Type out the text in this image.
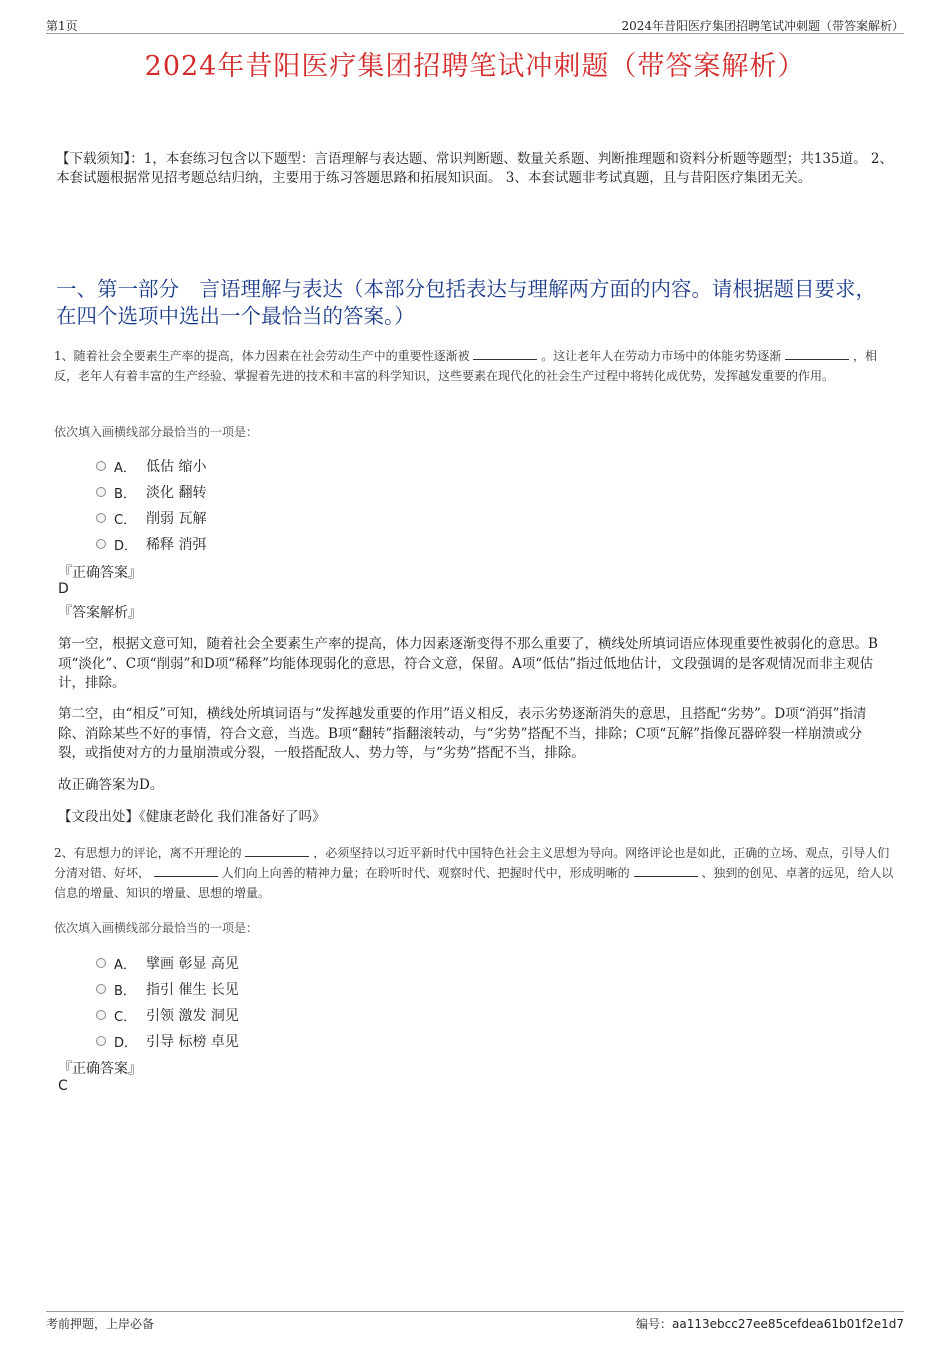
第1页	2024年昔阳医疗集团招聘笔试冲刺题（带答案解析）
2024年昔阳医疗集团招聘笔试冲刺题（带答案解析）
【下载须知】：1，本套练习包含以下题型：言语理解与表达题、常识判断题、数量关系题、判断推理题和资料分析题等题型；共135道。 2、本套试题根据常见招考题总结归纳，主要用于练习答题思路和拓展知识面。 3、本套试题非考试真题，且与昔阳医疗集团无关。
一、第一部分　言语理解与表达（本部分包括表达与理解两方面的内容。请根据题目要求，在四个选项中选出一个最恰当的答案。）
1、随着社会全要素生产率的提高，体力因素在社会劳动生产中的重要性逐渐被	。这让老年人在劳动力市场中的体能劣势逐渐	，相反，老年人有着丰富的生产经验、掌握着先进的技术和丰富的科学知识，这些要素在现代化的社会生产过程中将转化成优势，发挥越发重要的作用。
依次填入画横线部分最恰当的一项是：
A． 低估 缩小
B． 淡化 翻转
C． 削弱 瓦解
D． 稀释 消弭
『正确答案』
D
『答案解析』
第一空，根据文意可知，随着社会全要素生产率的提高，体力因素逐渐变得不那么重要了，横线处所填词语应体现重要性被弱化的意思。B项“淡化”、C项“削弱”和D项“稀释”均能体现弱化的意思，符合文意，保留。A项“低估”指过低地估计，文段强调的是客观情况而非主观估计，排除。
第二空，由“相反”可知，横线处所填词语与“发挥越发重要的作用”语义相反，表示劣势逐渐消失的意思，且搭配“劣势”。D项“消弭”指清除、消除某些不好的事情，符合文意，当选。B项“翻转”指翻滚转动，与“劣势”搭配不当，排除；C项“瓦解”指像瓦器碎裂一样崩溃或分裂，或指使对方的力量崩溃或分裂，一般搭配敌人、势力等，与“劣势”搭配不当，排除。
故正确答案为D。
【文段出处】《健康老龄化 我们准备好了吗》
2、有思想力的评论，离不开理论的	，必须坚持以习近平新时代中国特色社会主义思想为导向。网络评论也是如此，正确的立场、观点，引导人们分清对错、好坏，	人们向上向善的精神力量；在聆听时代、观察时代、把握时代中，形成明晰的	、独到的创见、卓著的远见，给人以信息的增量、知识的增量、思想的增量。
依次填入画横线部分最恰当的一项是：
A． 擘画 彰显 高见
B． 指引 催生 长见
C． 引领 激发 洞见
D． 引导 标榜 卓见
『正确答案』
C
考前押题，上岸必备	编号：aa113ebcc27ee85cefdea61b01f2e1d7
